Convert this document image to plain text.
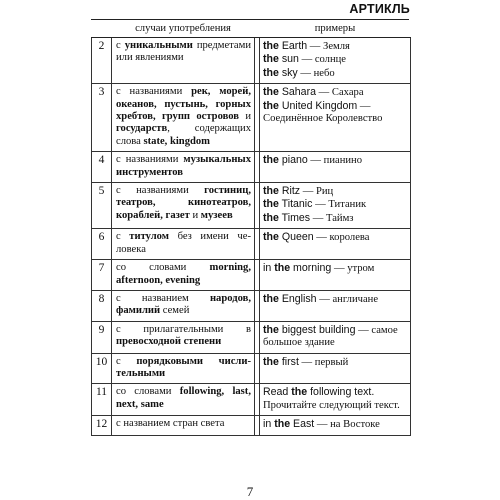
АРТИКЛЬ
	случаи употребления		примеры
2	с уникальными предметами или явлениями		the Earth — Земля
the sun — солнце
the sky — небо

3	с названиями рек, морей, океанов, пустынь, горных хребтов, групп островов и государств, содержащих слова state, kingdom		the Sahara — Сахара
the United Kingdom — Соединённое Королевство

4	с названиями музыкальных инструментов		the piano — пианино

5	с названиями гостиниц, театров, кинотеатров, кораблей, газет и музеев		the Ritz — Риц
the Titanic — Титаник
the Times — Таймз

6	с титулом без имени человека		the Queen — королева

7	со словами morning, afternoon, evening		in the morning — утром

8	с названием народов, фамилий семей		the English — англичане

9	с прилагательными в превосходной степени		the biggest building — самое большое здание

10	с порядковыми числительными		the first — первый

11	со словами following, last, next, same		Read the following text.
Прочитайте следующий текст.

12	с названием стран света		in the East — на Востоке
7
